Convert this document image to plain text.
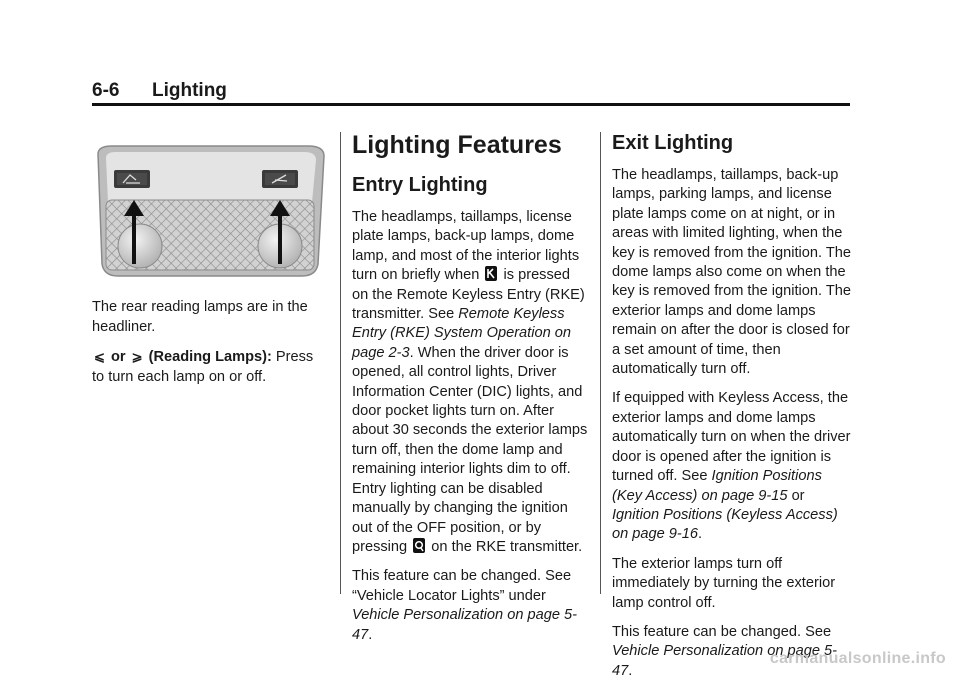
6-6 Lighting

The rear reading lamps are in the headliner.

⩽ or ⩾ (Reading Lamps): Press to turn each lamp on or off.

Lighting Features
Entry Lighting

The headlamps, taillamps, license plate lamps, back-up lamps, dome lamp, and most of the interior lights turn on briefly when is pressed on the Remote Keyless Entry (RKE) transmitter. See Remote Keyless Entry (RKE) System Operation on page 2-3. When the driver door is opened, all control lights, Driver Information Center (DIC) lights, and door pocket lights turn on. After about 30 seconds the exterior lamps turn off, then the dome lamp and remaining interior lights dim to off. Entry lighting can be disabled manually by changing the ignition out of the OFF position, or by pressing on the RKE transmitter.

This feature can be changed. See “Vehicle Locator Lights” under Vehicle Personalization on page 5-47.

Exit Lighting

The headlamps, taillamps, back-up lamps, parking lamps, and license plate lamps come on at night, or in areas with limited lighting, when the key is removed from the ignition. The dome lamps also come on when the key is removed from the ignition. The exterior lamps and dome lamps remain on after the door is closed for a set amount of time, then automatically turn off.

If equipped with Keyless Access, the exterior lamps and dome lamps automatically turn on when the driver door is opened after the ignition is turned off. See Ignition Positions (Key Access) on page 9-15 or Ignition Positions (Keyless Access) on page 9-16.

The exterior lamps turn off immediately by turning the exterior lamp control off.

This feature can be changed. See Vehicle Personalization on page 5-47.

carmanualsonline.info
